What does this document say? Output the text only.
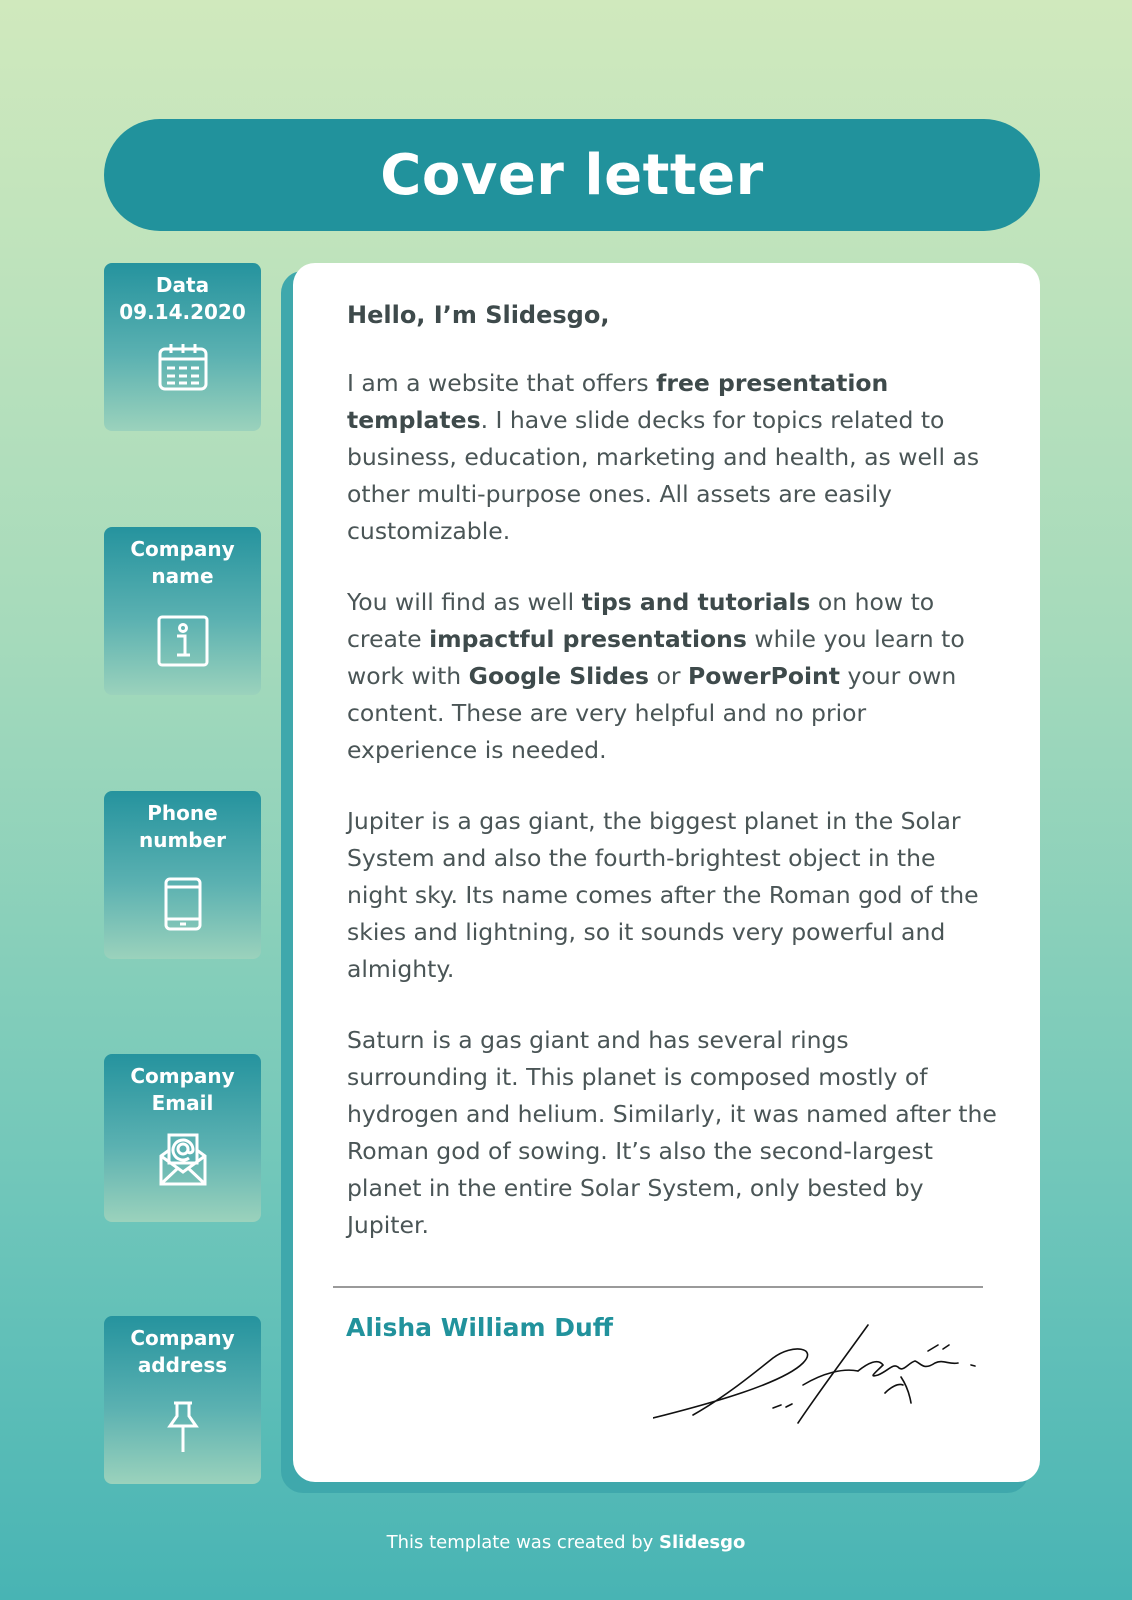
Cover letter
Data
09.14.2020
Company
name
Phone
number
Company
Email
Company
address

Hello, I’m Slidesgo,

I am a website that offers free presentation templates. I have slide decks for topics related to business, education, marketing and health, as well as other multi-purpose ones. All assets are easily customizable.

You will find as well tips and tutorials on how to create impactful presentations while you learn to work with Google Slides or PowerPoint your own content. These are very helpful and no prior experience is needed.

Jupiter is a gas giant, the biggest planet in the Solar System and also the fourth-brightest object in the night sky. Its name comes after the Roman god of the skies and lightning, so it sounds very powerful and almighty.

Saturn is a gas giant and has several rings surrounding it. This planet is composed mostly of hydrogen and helium. Similarly, it was named after the Roman god of sowing. It’s also the second-largest planet in the entire Solar System, only bested by Jupiter.

Alisha William Duff
This template was created by Slidesgo
